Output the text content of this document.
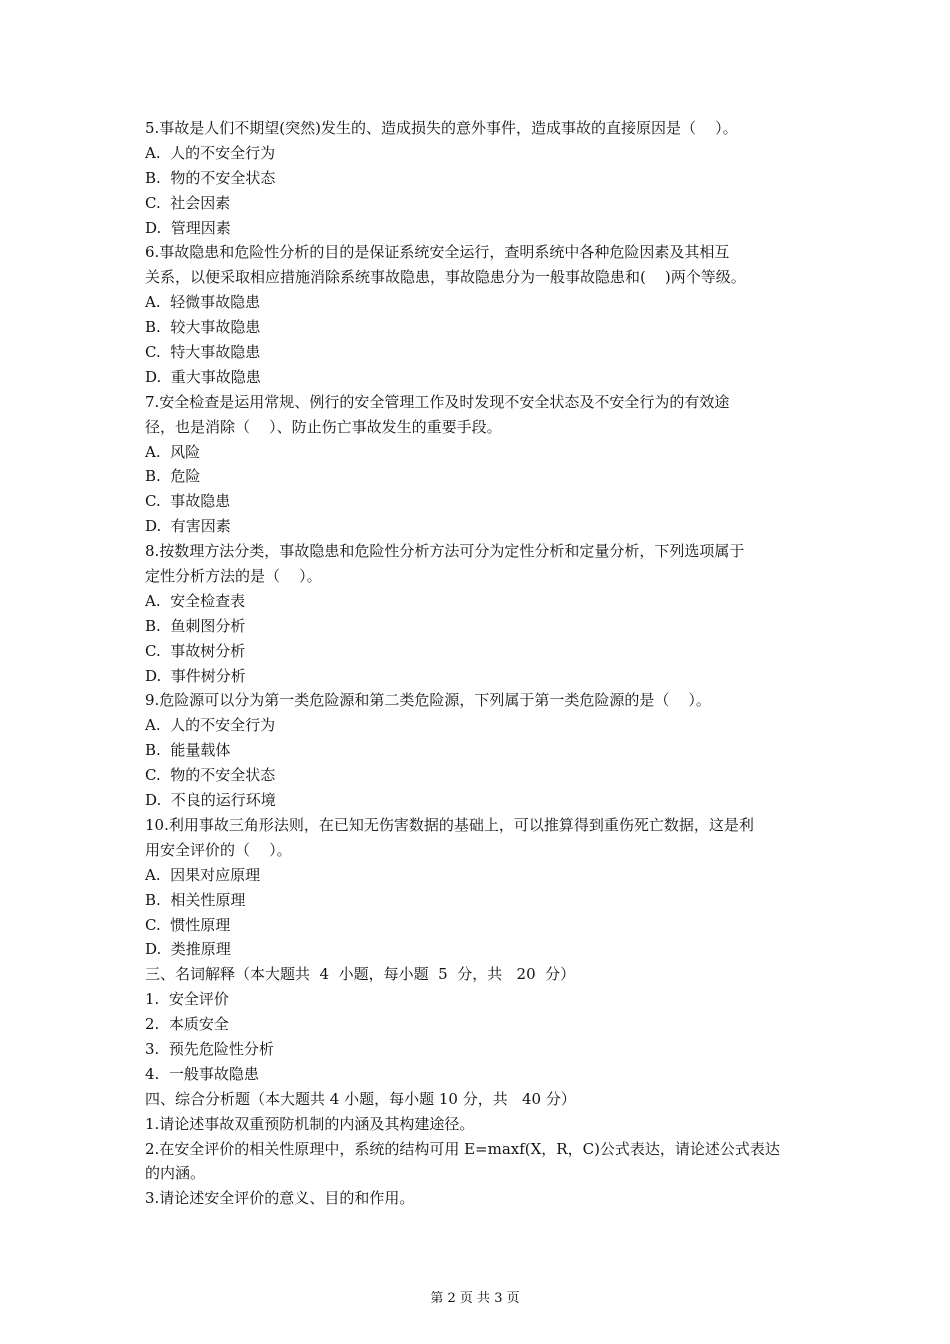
5.事故是人们不期望(突然)发生的、造成损失的意外事件，造成事故的直接原因是（    ）。
A.  人的不安全行为
B.  物的不安全状态
C.  社会因素
D.  管理因素
6.事故隐患和危险性分析的目的是保证系统安全运行，查明系统中各种危险因素及其相互
关系，以便采取相应措施消除系统事故隐患，事故隐患分为一般事故隐患和(    )两个等级。
A.  轻微事故隐患
B.  较大事故隐患
C.  特大事故隐患
D.  重大事故隐患
7.安全检查是运用常规、例行的安全管理工作及时发现不安全状态及不安全行为的有效途
径，也是消除（    ）、防止伤亡事故发生的重要手段。
A.  风险
B.  危险
C.  事故隐患
D.  有害因素
8.按数理方法分类，事故隐患和危险性分析方法可分为定性分析和定量分析，下列选项属于
定性分析方法的是（    ）。
A.  安全检查表
B.  鱼刺图分析
C.  事故树分析
D.  事件树分析
9.危险源可以分为第一类危险源和第二类危险源，下列属于第一类危险源的是（    ）。
A.  人的不安全行为
B.  能量载体
C.  物的不安全状态
D.  不良的运行环境
10.利用事故三角形法则，在已知无伤害数据的基础上，可以推算得到重伤死亡数据，这是利
用安全评价的（    ）。
A.  因果对应原理
B.  相关性原理
C.  惯性原理
D.  类推原理
三、名词解释（本大题共  4  小题，每小题  5  分，共   20  分）
1.  安全评价
2.  本质安全
3.  预先危险性分析
4.  一般事故隐患
四、综合分析题（本大题共 4 小题，每小题 10 分，共   40 分）
1.请论述事故双重预防机制的内涵及其构建途径。
2.在安全评价的相关性原理中，系统的结构可用 E=maxf(X，R，C)公式表达，请论述公式表达
的内涵。
3.请论述安全评价的意义、目的和作用。
第 2 页 共 3 页
